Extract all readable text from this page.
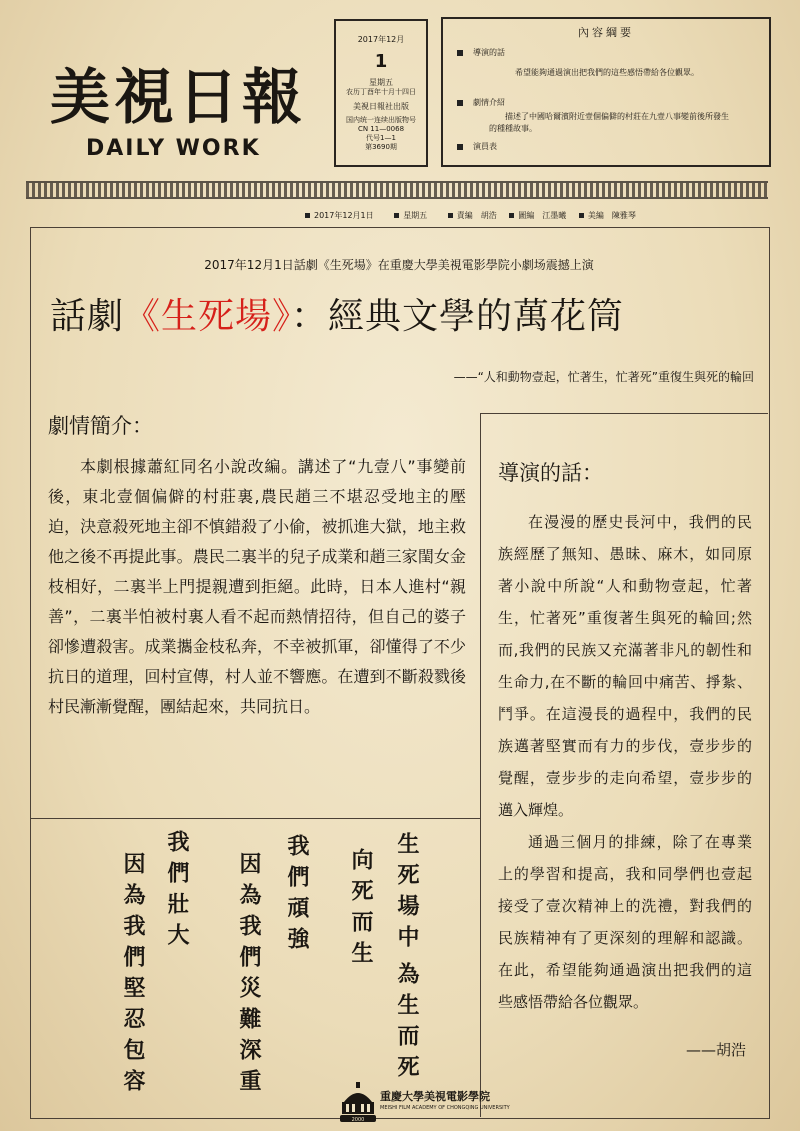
美視日報
DAILY WORK
2017年12月
1
星期五
农历丁酉年十月十四日
美視日報社出版
国内统一连续出版物号
CN 11—0068
代号1—1
第3690期
內容綱要
導演的話
希望能夠通過演出把我們的這些感悟帶給各位觀眾。
劇情介紹
描述了中國哈爾濱附近壹個偏僻的村莊在九壹八事變前後所發生的種種故事。
演員表
2017年12月1日	星期五	責編　胡浩	圖編　江墨曦	美編　陳雅琴
2017年12月1日話劇《生死場》在重慶大學美視電影學院小劇场震撼上演
話劇《生死場》：經典文學的萬花筒
——“人和動物壹起，忙著生，忙著死”重復生與死的輪回
劇情簡介：

本劇根據蕭紅同名小說改編。講述了“九壹八”事變前後，東北壹個偏僻的村莊裏,農民趙三不堪忍受地主的壓迫，決意殺死地主卻不慎錯殺了小偷，被抓進大獄，地主救他之後不再提此事。農民二裏半的兒子成業和趙三家閨女金枝相好，二裏半上門提親遭到拒絕。此時，日本人進村“親善”，二裏半怕被村裏人看不起而熱情招待，但自己的婆子卻慘遭殺害。成業攜金枝私奔，不幸被抓軍，卻懂得了不少抗日的道理，回村宣傳，村人並不響應。在遭到不斷殺戮後村民漸漸覺醒，團結起來，共同抗日。

導演的話：

在漫漫的歷史長河中，我們的民族經歷了無知、愚昧、麻木，如同原著小說中所說“人和動物壹起，忙著生，忙著死”重復著生與死的輪回;然而,我們的民族又充滿著非凡的韌性和生命力,在不斷的輪回中痛苦、掙紮、鬥爭。在這漫長的過程中，我們的民族邁著堅實而有力的步伐，壹步步的覺醒，壹步步的走向希望，壹步步的邁入輝煌。

通過三個月的排練，除了在專業上的學習和提高，我和同學們也壹起接受了壹次精神上的洗禮，對我們的民族精神有了更深刻的理解和認識。在此，希望能夠通過演出把我們的這些感悟帶給各位觀眾。

——胡浩
生死場中
為生而死
向死而生
我們頑強
因為我們災難深重
我們壯大
因為我們堅忍包容
2000
重慶大學美視電影學院
MEISHI FILM ACADEMY OF CHONGQING UNIVERSITY
